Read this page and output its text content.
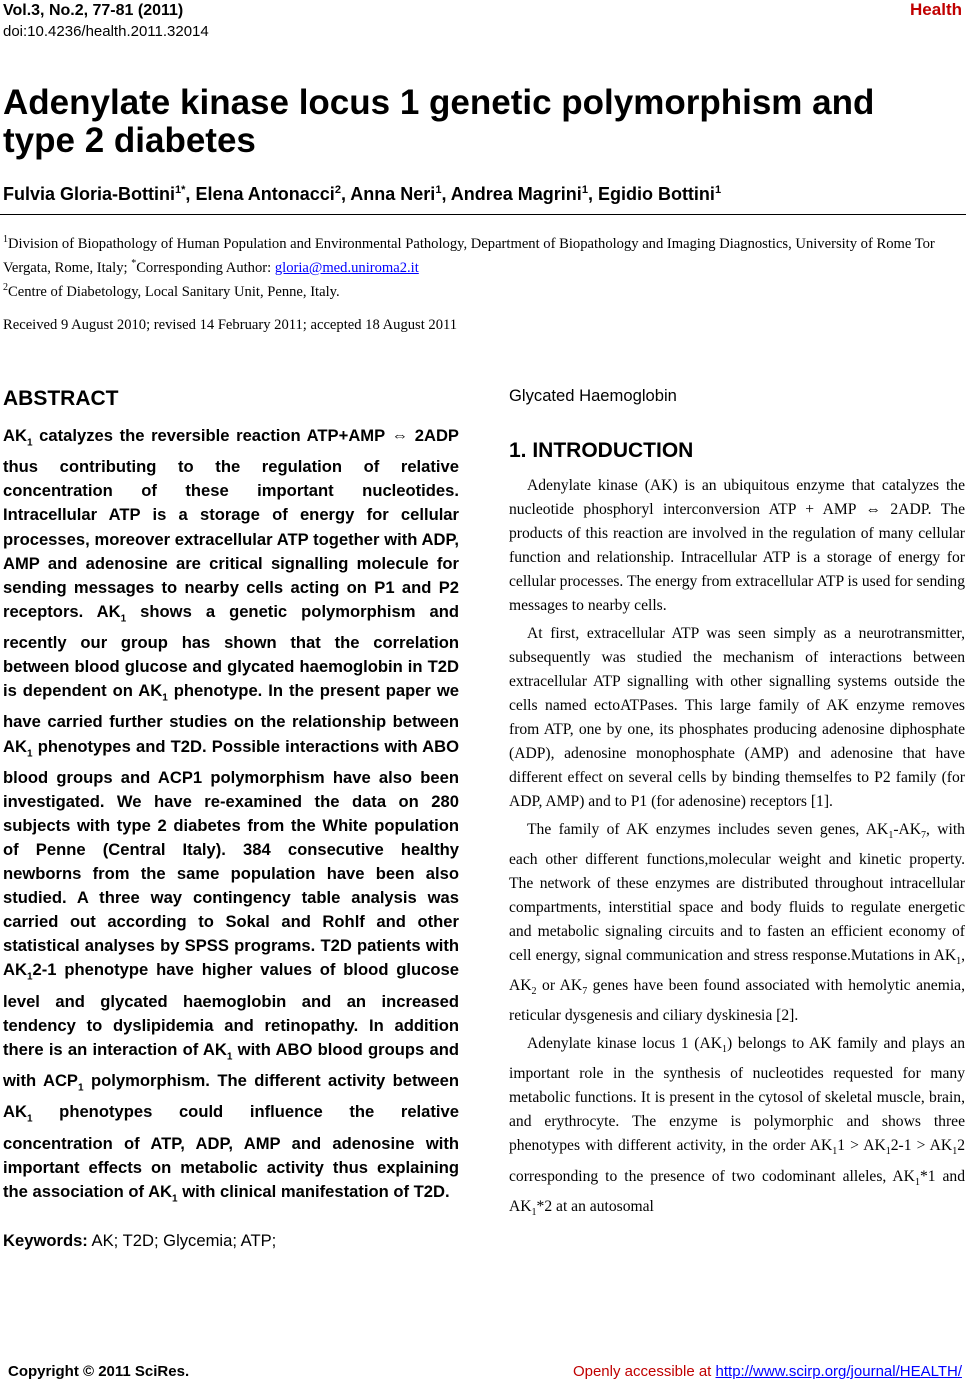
Vol.3, No.2, 77-81 (2011)
doi:10.4236/health.2011.32014
Health
Adenylate kinase locus 1 genetic polymorphism and
type 2 diabetes
Fulvia Gloria-Bottini$^{1*}$, Elena Antonacci$^2$, Anna Neri$^1$, Andrea Magrini$^1$, Egidio Bottini$^1$
$^1$Division of Biopathology of Human Population and Environmental Pathology, Department of Biopathology and Imaging Diagnostics, University of Rome Tor Vergata, Rome, Italy; *Corresponding Author: gloria@med.uniroma2.it
$^2$Centre of Diabetology, Local Sanitary Unit, Penne, Italy.
Received 9 August 2010; revised 14 February 2011; accepted 18 August 2011
ABSTRACT

$AK_1$ catalyzes the reversible reaction ATP+AMP ⇔ 2ADP thus contributing to the regulation of relative concentration of these important nucleotides. Intracellular ATP is a storage of energy for cellular processes, moreover extracellular ATP together with ADP, AMP and adenosine are critical signalling molecule for sending messages to nearby cells acting on P1 and P2 receptors. $AK_1$ shows a genetic polymorphism and recently our group has shown that the correlation between blood glucose and glycated haemoglobin in T2D is dependent on $AK_1$ phenotype. In the present paper we have carried further studies on the relationship between $AK_1$ phenotypes and T2D. Possible interactions with ABO blood groups and ACP1 polymorphism have also been investigated. We have re-examined the data on 280 subjects with type 2 diabetes from the White population of Penne (Central Italy). 384 consecutive healthy newborns from the same population have been also studied. A three way contingency table analysis was carried out according to Sokal and Rohlf and other statistical analyses by SPSS programs. T2D patients with $AK_12-1$ phenotype have higher values of blood glucose level and glycated haemoglobin and an increased tendency to dyslipidemia and retinopathy. In addition there is an interaction of $AK_1$ with ABO blood groups and with $ACP_1$ polymorphism. The different activity between $AK_1$ phenotypes could influence the relative concentration of ATP, ADP, AMP and adenosine with important effects on metabolic activity thus explaining the association of $AK_1$ with clinical manifestation of T2D.

Keywords: AK; T2D; Glycemia; ATP;

Glycated Haemoglobin

1. INTRODUCTION

Adenylate kinase (AK) is an ubiquitous enzyme that catalyzes the nucleotide phosphoryl interconversion ATP + AMP ⇔ 2ADP. The products of this reaction are involved in the regulation of many cellular function and relationship. Intracellular ATP is a storage of energy for cellular processes. The energy from extracellular ATP is used for sending messages to nearby cells.

At first, extracellular ATP was seen simply as a neurotransmitter, subsequently was studied the mechanism of interactions between extracellular ATP signalling with other signalling systems outside the cells named ectoATPases. This large family of AK enzyme removes from ATP, one by one, its phosphates producing adenosine diphosphate (ADP), adenosine monophosphate (AMP) and adenosine that have different effect on several cells by binding themselfes to P2 family (for ADP, AMP) and to P1 (for adenosine) receptors [1].

The family of AK enzymes includes seven genes, $AK_1-AK_7$, with each other different functions,molecular weight and kinetic property. The network of these enzymes are distributed throughout intracellular compartments, interstitial space and body fluids to regulate energetic and metabolic signaling circuits and to fasten an efficient economy of cell energy, signal communication and stress response.Mutations in $AK_1$, $AK_2$ or $AK_7$ genes have been found associated with hemolytic anemia, reticular dysgenesis and ciliary dyskinesia [2].

Adenylate kinase locus 1 $(AK_1)$ belongs to AK family and plays an important role in the synthesis of nucleotides requested for many metabolic functions. It is present in the cytosol of skeletal muscle, brain, and erythrocyte. The enzyme is polymorphic and shows three phenotypes with different activity, in the order $AK_11 > AK_12-1 > AK_12$ corresponding to the presence of two codominant alleles, $AK_1*1$ and $AK_1*2$ at an autosomal

Copyright © 2011 SciRes.	Openly accessible at http://www.scirp.org/journal/HEALTH/
